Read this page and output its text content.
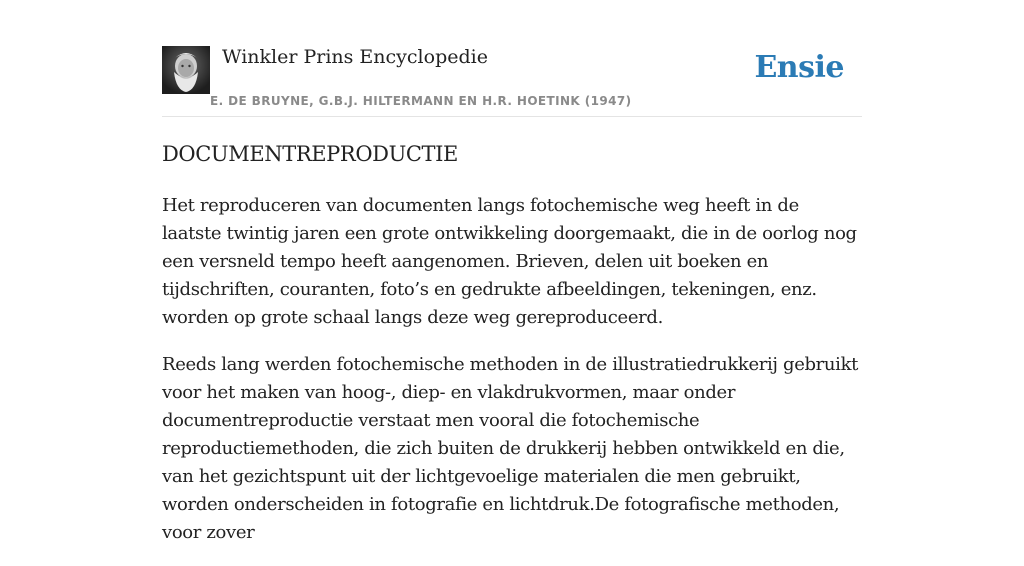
Winkler Prins Encyclopedie
E. DE BRUYNE, G.B.J. HILTERMANN EN H.R. HOETINK (1947)
Ensie
DOCUMENTREPRODUCTIE

Het reproduceren van documenten langs fotochemische weg heeft in de laatste twintig jaren een grote ontwikkeling doorgemaakt, die in de oorlog nog een versneld tempo heeft aangenomen. Brieven, delen uit boeken en tijdschriften, couranten, foto’s en gedrukte afbeeldingen, tekeningen, enz. worden op grote schaal langs deze weg gereproduceerd.

Reeds lang werden fotochemische methoden in de illustratiedrukkerij gebruikt voor het maken van hoog-, diep- en vlakdrukvormen, maar onder documentreproductie verstaat men vooral die fotochemische reproductiemethoden, die zich buiten de drukkerij hebben ontwikkeld en die, van het gezichtspunt uit der lichtgevoelige materialen die men gebruikt, worden onderscheiden in fotografie en lichtdruk.De fotografische methoden, voor zover
